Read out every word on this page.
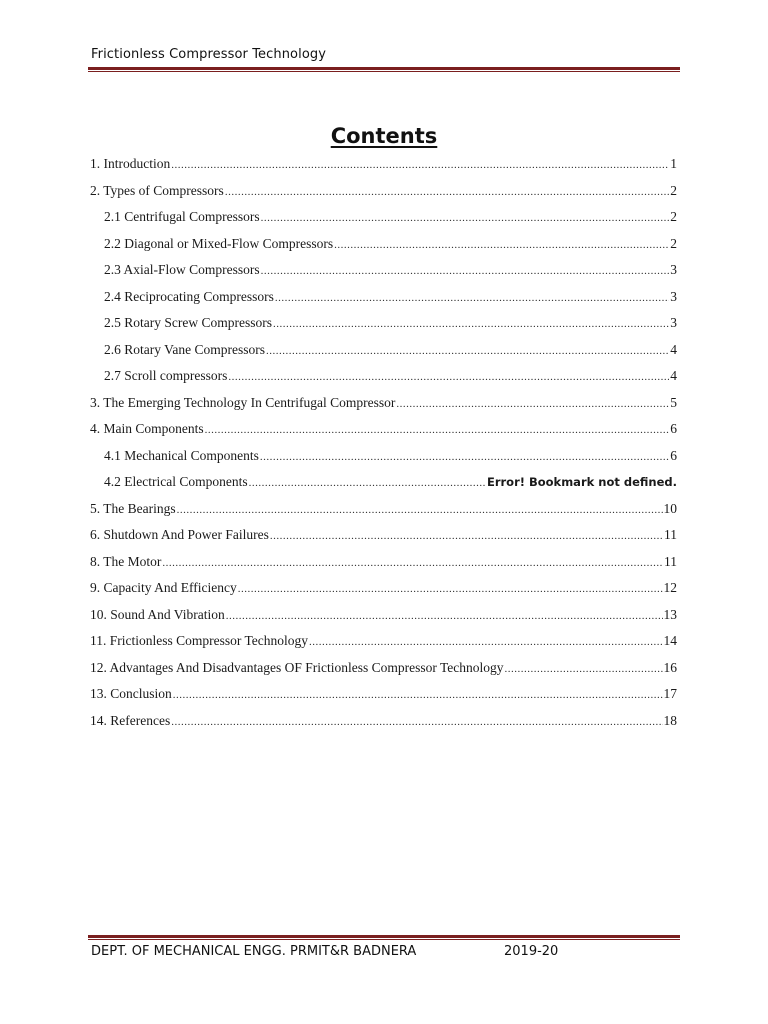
Frictionless Compressor Technology
Contents
1. Introduction .....	1
2. Types of Compressors .....	2
2.1 Centrifugal Compressors .....	2
2.2 Diagonal or Mixed-Flow Compressors .....	2
2.3 Axial-Flow Compressors .....	3
2.4 Reciprocating Compressors .....	3
2.5 Rotary Screw Compressors .....	3
2.6 Rotary Vane Compressors .....	4
2.7 Scroll compressors .....	4
3. The Emerging Technology In Centrifugal Compressor .....	5
4. Main Components .....	6
4.1 Mechanical Components .....	6
4.2 Electrical Components .....	Error! Bookmark not defined.
5. The Bearings .....	10
6. Shutdown And Power Failures .....	11
8. The Motor .....	11
9. Capacity And Efficiency .....	12
10. Sound And Vibration .....	13
11. Frictionless Compressor Technology .....	14
12. Advantages And Disadvantages OF Frictionless Compressor Technology .....	16
13. Conclusion .....	17
14. References .....	18
DEPT. OF MECHANICAL ENGG. PRMIT&R BADNERA	2019-20
